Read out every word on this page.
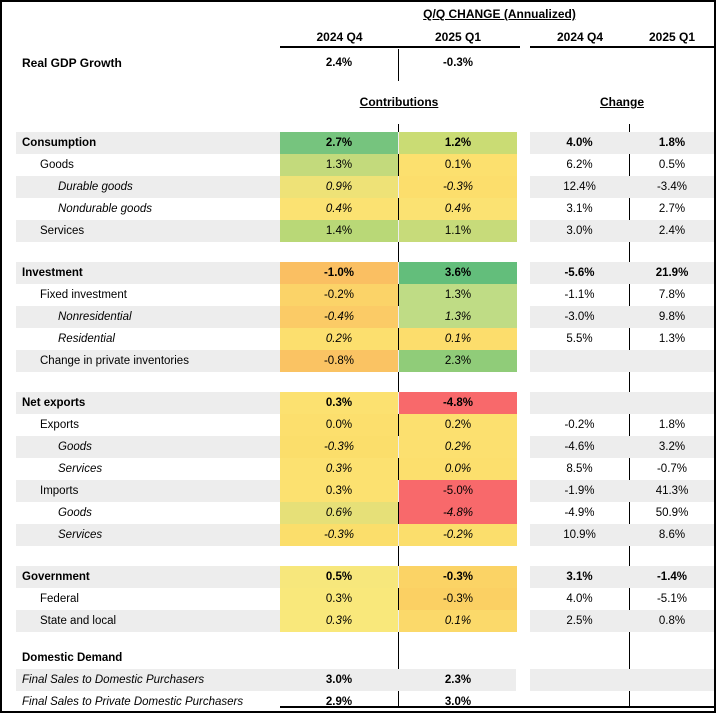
Q/Q CHANGE (Annualized)
2024 Q4	2025 Q1	2024 Q4	2025 Q1
Real GDP Growth	2.4%	-0.3%
Contributions	Change
Consumption	2.7%	1.2%	4.0%	1.8%
Goods	1.3%	0.1%	6.2%	0.5%
Durable goods	0.9%	-0.3%	12.4%	-3.4%
Nondurable goods	0.4%	0.4%	3.1%	2.7%
Services	1.4%	1.1%	3.0%	2.4%
Investment	-1.0%	3.6%	-5.6%	21.9%
Fixed investment	-0.2%	1.3%	-1.1%	7.8%
Nonresidential	-0.4%	1.3%	-3.0%	9.8%
Residential	0.2%	0.1%	5.5%	1.3%
Change in private inventories	-0.8%	2.3%
Net exports	0.3%	-4.8%
Exports	0.0%	0.2%	-0.2%	1.8%
Goods	-0.3%	0.2%	-4.6%	3.2%
Services	0.3%	0.0%	8.5%	-0.7%
Imports	0.3%	-5.0%	-1.9%	41.3%
Goods	0.6%	-4.8%	-4.9%	50.9%
Services	-0.3%	-0.2%	10.9%	8.6%
Government	0.5%	-0.3%	3.1%	-1.4%
Federal	0.3%	-0.3%	4.0%	-5.1%
State and local	0.3%	0.1%	2.5%	0.8%
Domestic Demand
Final Sales to Domestic Purchasers	3.0%	2.3%
Final Sales to Private Domestic Purchasers	2.9%	3.0%
